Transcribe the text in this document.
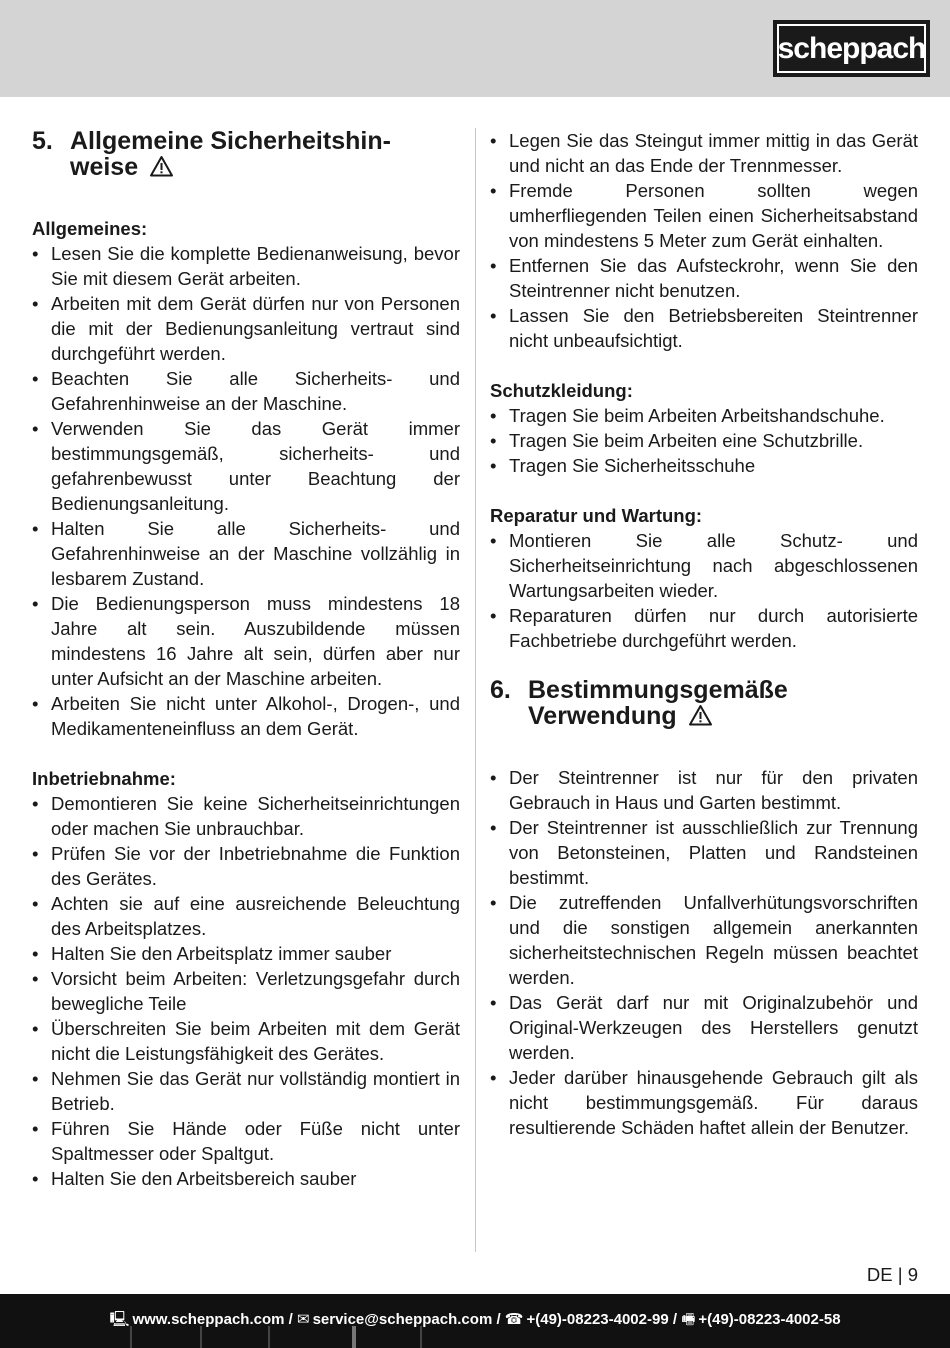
scheppach
5. Allgemeine Sicherheitshin-
weise
Allgemeines:
• Lesen Sie die komplette Bedienanweisung, bevor Sie mit diesem Gerät arbeiten.
• Arbeiten mit dem Gerät dürfen nur von Personen die mit der Bedienungsanleitung vertraut sind durchgeführt werden.
• Beachten Sie alle Sicherheits- und Gefahrenhinweise an der Maschine.
• Verwenden Sie das Gerät immer bestimmungsgemäß, sicherheits- und gefahrenbewusst unter Beachtung der Bedienungsanleitung.
• Halten Sie alle Sicherheits- und Gefahrenhinweise an der Maschine vollzählig in lesbarem Zustand.
• Die Bedienungsperson muss mindestens 18 Jahre alt sein. Auszubildende müssen mindestens 16 Jahre alt sein, dürfen aber nur unter Aufsicht an der Maschine arbeiten.
• Arbeiten Sie nicht unter Alkohol-, Drogen-, und Medikamenteneinfluss an dem Gerät.
Inbetriebnahme:
• Demontieren Sie keine Sicherheitseinrichtungen oder machen Sie unbrauchbar.
• Prüfen Sie vor der Inbetriebnahme die Funktion des Gerätes.
• Achten sie auf eine ausreichende Beleuchtung des Arbeitsplatzes.
• Halten Sie den Arbeitsplatz immer sauber
• Vorsicht beim Arbeiten: Verletzungsgefahr durch bewegliche Teile
• Überschreiten Sie beim Arbeiten mit dem Gerät nicht die Leistungsfähigkeit des Gerätes.
• Nehmen Sie das Gerät nur vollständig montiert in Betrieb.
• Führen Sie Hände oder Füße nicht unter Spaltmesser oder Spaltgut.
• Halten Sie den Arbeitsbereich sauber
• Legen Sie das Steingut immer mittig in das Gerät und nicht an das Ende der Trennmesser.
• Fremde Personen sollten wegen umherfliegenden Teilen einen Sicherheitsabstand von mindestens 5 Meter zum Gerät einhalten.
• Entfernen Sie das Aufsteckrohr, wenn Sie den Steintrenner nicht benutzen.
• Lassen Sie den Betriebsbereiten Steintrenner nicht unbeaufsichtigt.
Schutzkleidung:
• Tragen Sie beim Arbeiten Arbeitshandschuhe.
• Tragen Sie beim Arbeiten eine Schutzbrille.
• Tragen Sie Sicherheitsschuhe
Reparatur und Wartung:
• Montieren Sie alle Schutz- und Sicherheitseinrichtung nach abgeschlossenen Wartungsarbeiten wieder.
• Reparaturen dürfen nur durch autorisierte Fachbetriebe durchgeführt werden.
6. Bestimmungsgemäße
Verwendung
• Der Steintrenner ist nur für den privaten Gebrauch in Haus und Garten bestimmt.
• Der Steintrenner ist ausschließlich zur Trennung von Betonsteinen, Platten und Randsteinen bestimmt.
• Die zutreffenden Unfallverhütungsvorschriften und die sonstigen allgemein anerkannten sicherheitstechnischen Regeln müssen beachtet werden.
• Das Gerät darf nur mit Originalzubehör und Original-Werkzeugen des Herstellers genutzt werden.
• Jeder darüber hinausgehende Gebrauch gilt als nicht bestimmungsgemäß. Für daraus resultierende Schäden haftet allein der Benutzer.
DE | 9
🖳 www.scheppach.com / ✉ service@scheppach.com / ☎ +(49)-08223-4002-99 / 🖷 +(49)-08223-4002-58
